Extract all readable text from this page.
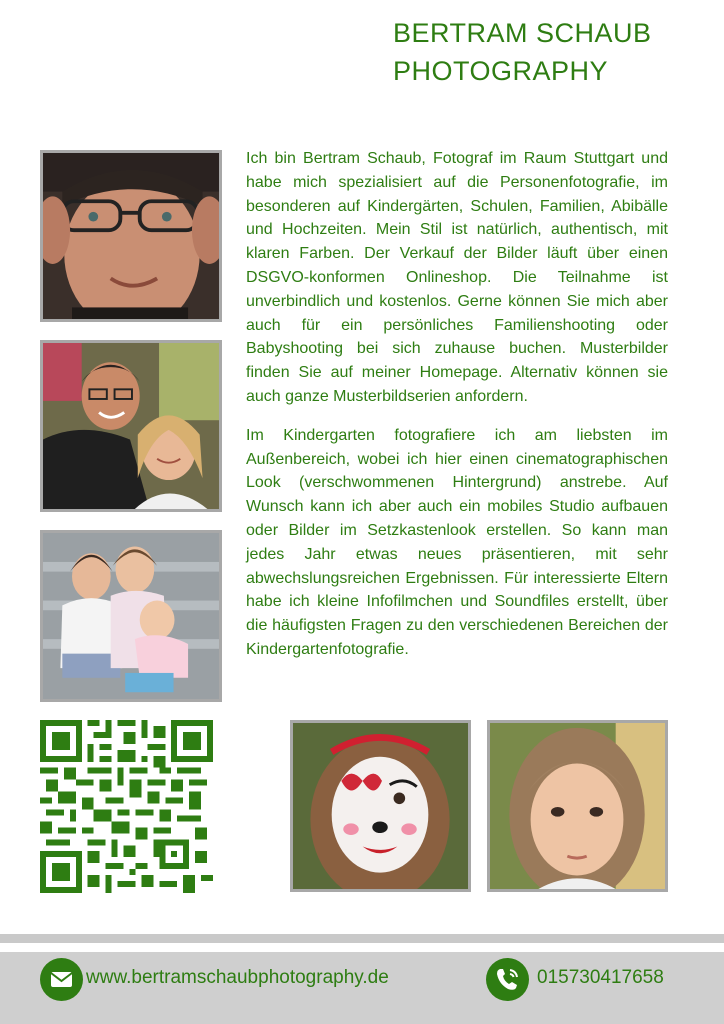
BERTRAM SCHAUB
PHOTOGRAPHY

Ich bin Bertram Schaub, Fotograf im Raum Stuttgart und habe mich spezialisiert auf die Personenfotografie, im besonderen auf Kindergärten, Schulen, Familien, Abibälle und Hochzeiten. Mein Stil ist natürlich, authentisch, mit klaren Farben. Der Verkauf der Bilder läuft über einen DSGVO-konformen Onlineshop. Die Teilnahme ist unverbindlich und kostenlos. Gerne können Sie mich aber auch für ein persönliches Familienshooting oder Babyshooting bei sich zuhause buchen. Musterbilder finden Sie auf meiner Homepage. Alternativ können sie auch ganze Musterbildserien anfordern.

Im Kindergarten fotografiere ich am liebsten im Außenbereich, wobei ich hier einen cinematographischen Look (verschwommenen Hintergrund) anstrebe. Auf Wunsch kann ich aber auch ein mobiles Studio aufbauen oder Bilder im Setzkastenlook erstellen. So kann man jedes Jahr etwas neues präsentieren, mit sehr abwechslungsreichen Ergebnissen. Für interessierte Eltern habe ich kleine Infofilmchen und Soundfiles erstellt, über die häufigsten Fragen zu den verschiedenen Bereichen der Kindergartenfotografie.

www.bertramschaubphotography.de	015730417658
